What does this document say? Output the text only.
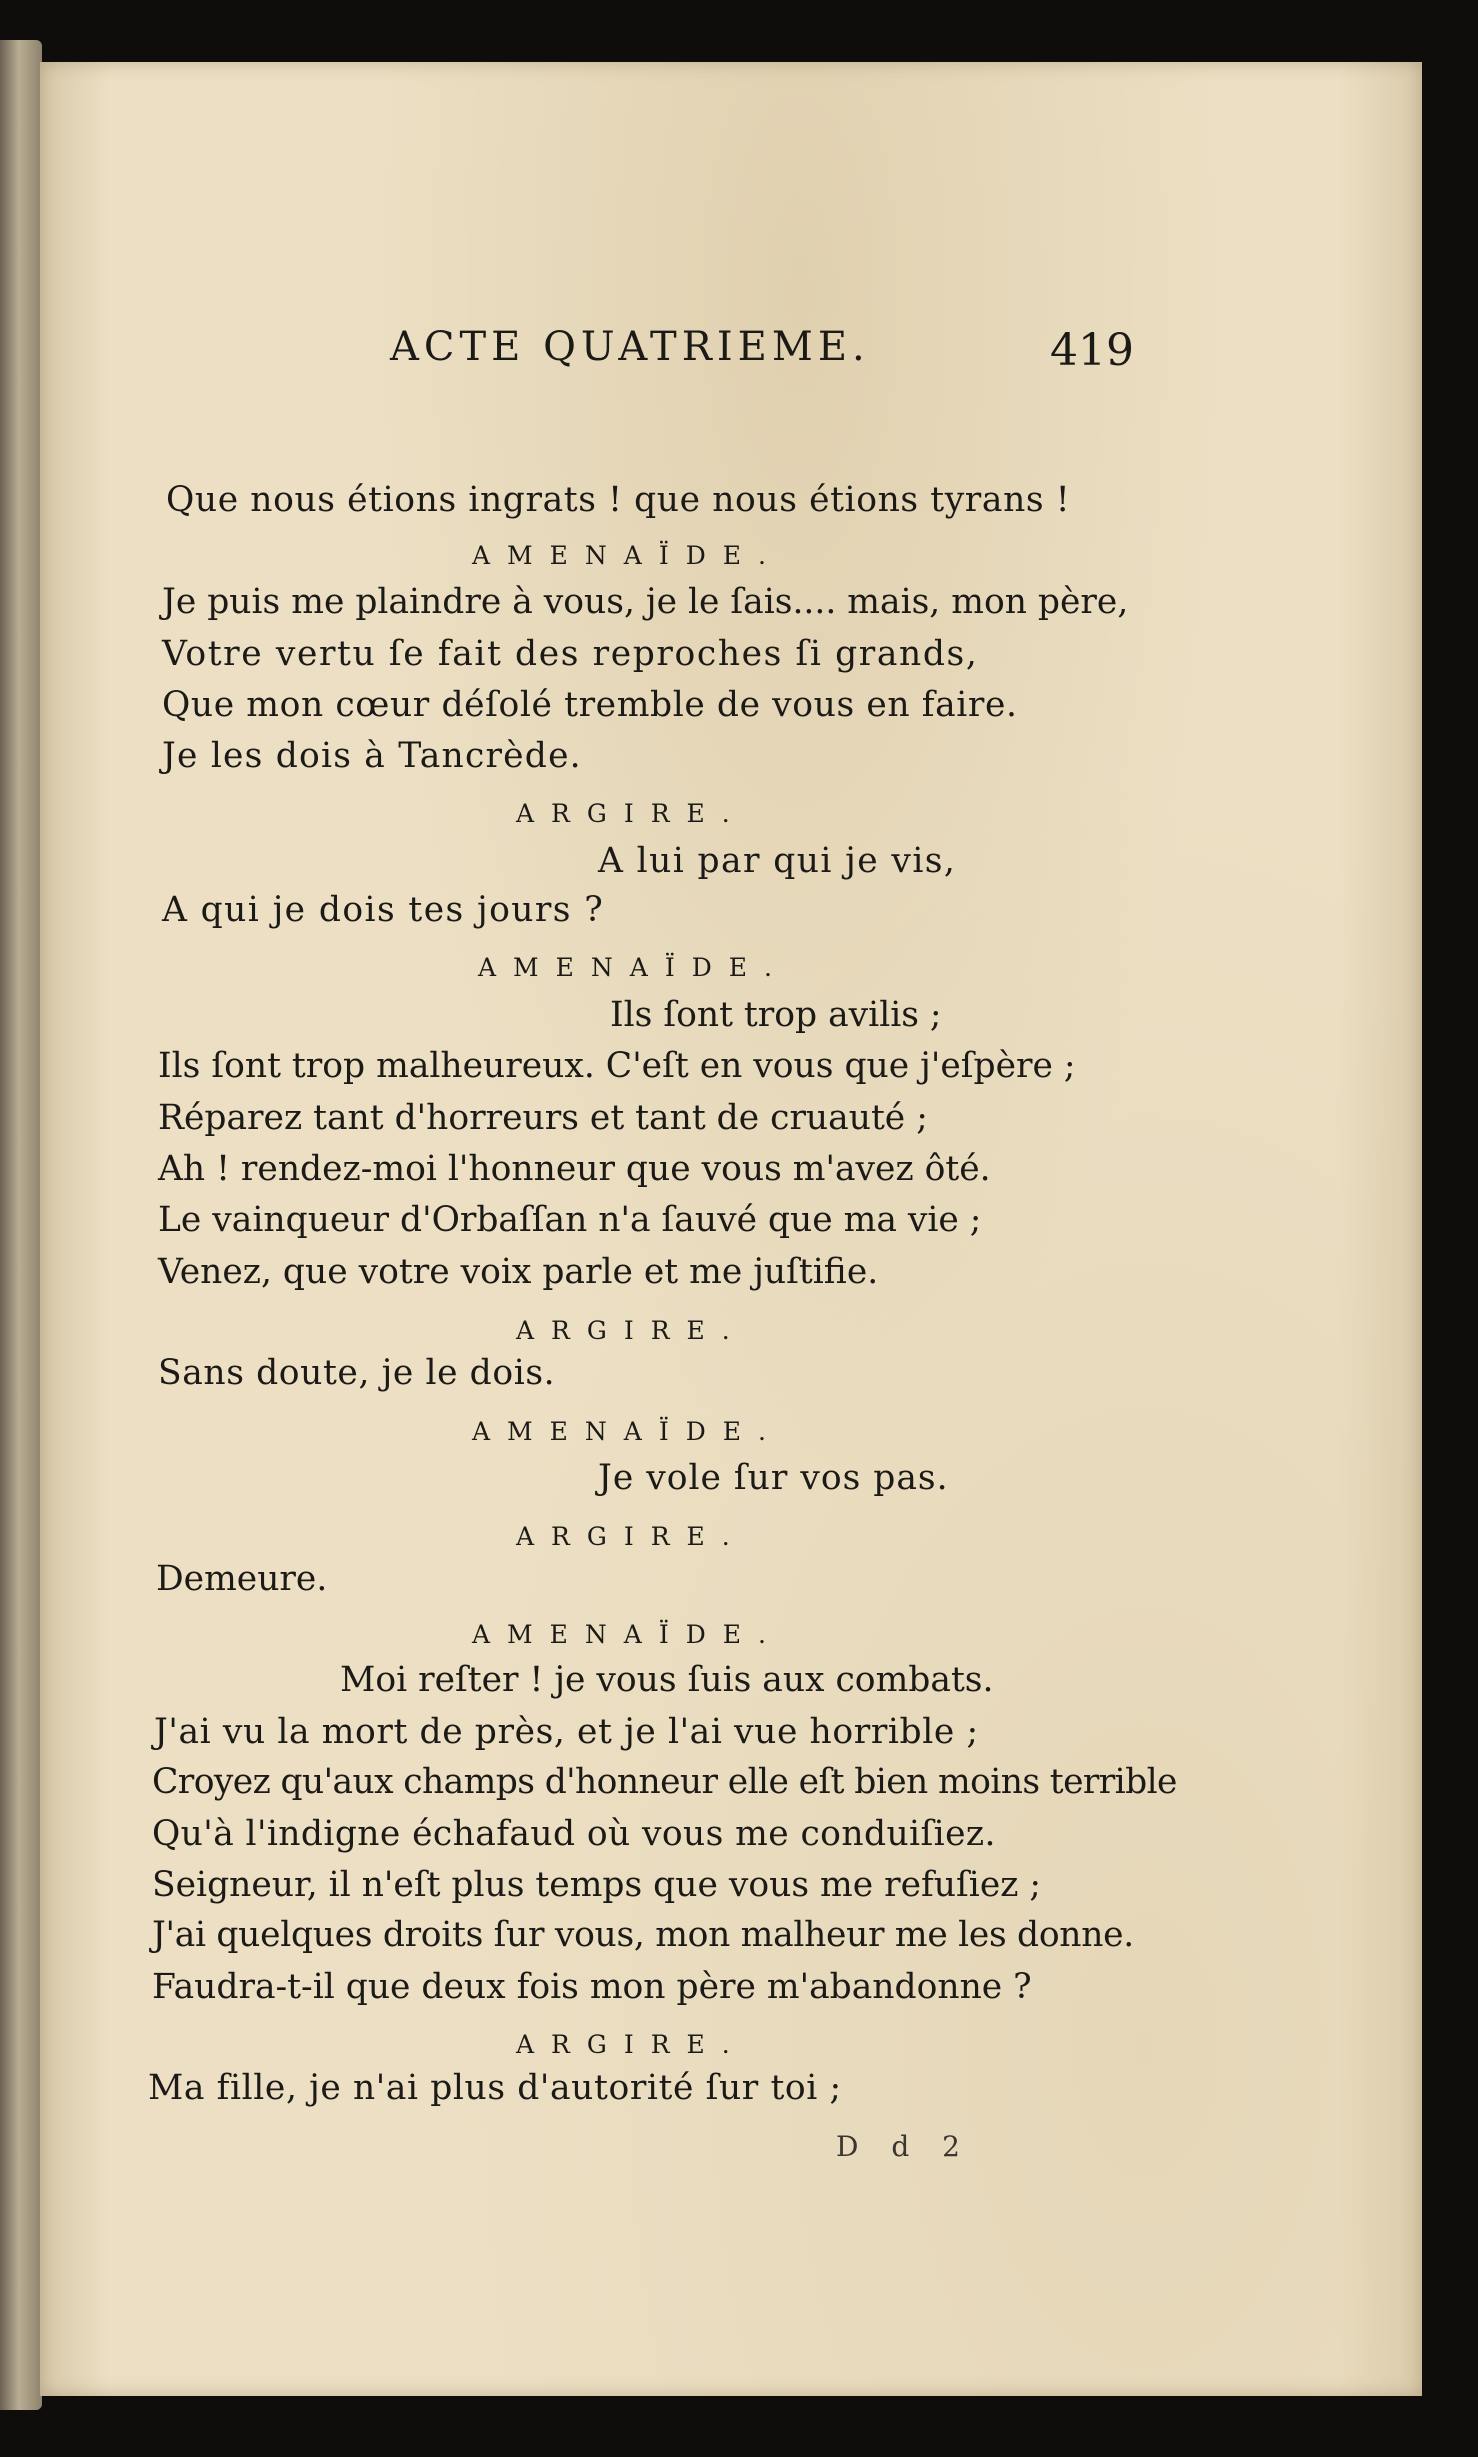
ACTE QUATRIEME.	419
Que nous étions ingrats ! que nous étions tyrans !
AMENAÏDE.
Je puis me plaindre à vous, je le ſais.... mais, mon père,
Votre vertu ſe fait des reproches ſi grands,
Que mon cœur déſolé tremble de vous en faire.
Je les dois à Tancrède.
ARGIRE.
A lui par qui je vis,
A qui je dois tes jours ?
AMENAÏDE.
Ils ſont trop avilis ;
Ils ſont trop malheureux. C'eſt en vous que j'eſpère ;
Réparez tant d'horreurs et tant de cruauté ;
Ah ! rendez-moi l'honneur que vous m'avez ôté.
Le vainqueur d'Orbaſſan n'a ſauvé que ma vie ;
Venez, que votre voix parle et me juſtifie.
ARGIRE.
Sans doute, je le dois.
AMENAÏDE.
Je vole ſur vos pas.
ARGIRE.
Demeure.
AMENAÏDE.
Moi reſter ! je vous ſuis aux combats.
J'ai vu la mort de près, et je l'ai vue horrible ;
Croyez qu'aux champs d'honneur elle eſt bien moins terrible
Qu'à l'indigne échafaud où vous me conduiſiez.
Seigneur, il n'eſt plus temps que vous me refuſiez ;
J'ai quelques droits ſur vous, mon malheur me les donne.
Faudra-t-il que deux fois mon père m'abandonne ?
ARGIRE.
Ma fille, je n'ai plus d'autorité ſur toi ;
D d 2
